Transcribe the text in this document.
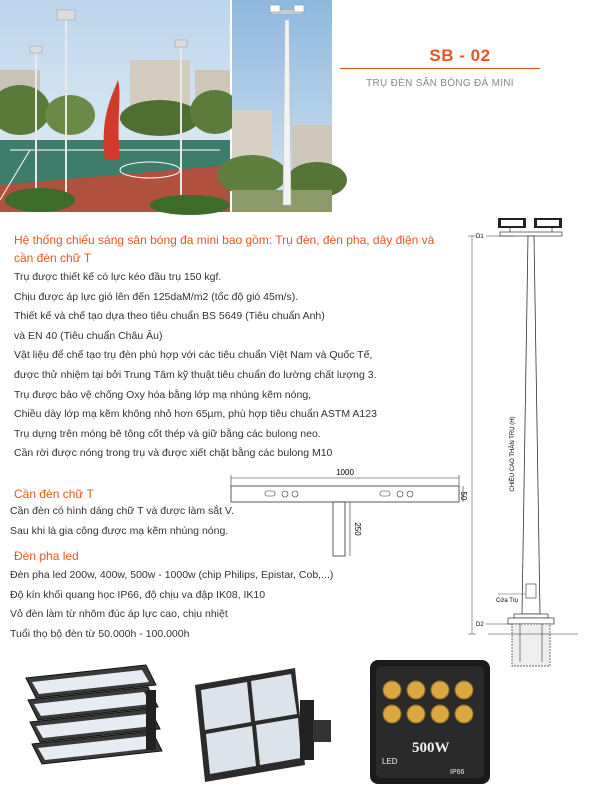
SB - 02
TRỤ ĐÈN SÂN BÓNG ĐÁ MINI
Hệ thống chiếu sáng sân bóng đa mini bao gồm: Trụ đèn, đèn pha, dây điện và
cần đèn chữ T
Trụ được thiết kế có lực kéo đầu trụ 150 kgf.
Chịu được áp lực gió lên đến 125daM/m2 (tốc độ gió 45m/s).
Thiết kế và chế tạo dựa theo tiêu chuẩn BS 5649 (Tiêu chuẩn Anh)
và EN 40 (Tiêu chuẩn Châu Âu)
Vật liệu để chế tạo trụ đèn phù hợp với các tiêu chuẩn Việt Nam và Quốc Tế,
được thử nhiệm tại bởi Trung Tâm kỹ thuật tiêu chuẩn đo lường chất lượng 3.
Trụ được bảo vệ chống Oxy hóa bằng lớp mạ nhúng kẽm nóng,
Chiều dày lớp mạ kẽm không nhỏ hơn 65µm, phù hợp tiêu chuẩn ASTM A123
Trụ dựng trên móng bê tông cốt thép và giữ bằng các bulong neo.
Cần rời được nóng trong trụ và được xiết chặt bằng các bulong M10
1000
50
250
Cần đèn chữ T
Cần đèn có hình dáng chữ T và được làm sắt V.
Sau khi là gia công được mạ kẽm nhúng nóng.
Đèn pha led
Đèn pha led 200w, 400w, 500w - 1000w (chip Philips, Epistar, Cob,...)
Độ kín khối quang học IP66, độ chịu va đập IK08, IK10
Vỏ đèn làm từ nhôm đúc áp lực cao, chịu nhiệt
Tuổi thọ bộ đèn từ 50.000h - 100.000h
D1
CHIỀU CAO THÂN TRỤ (H)
Cửa Trụ
D2
LED
500W
IP66
